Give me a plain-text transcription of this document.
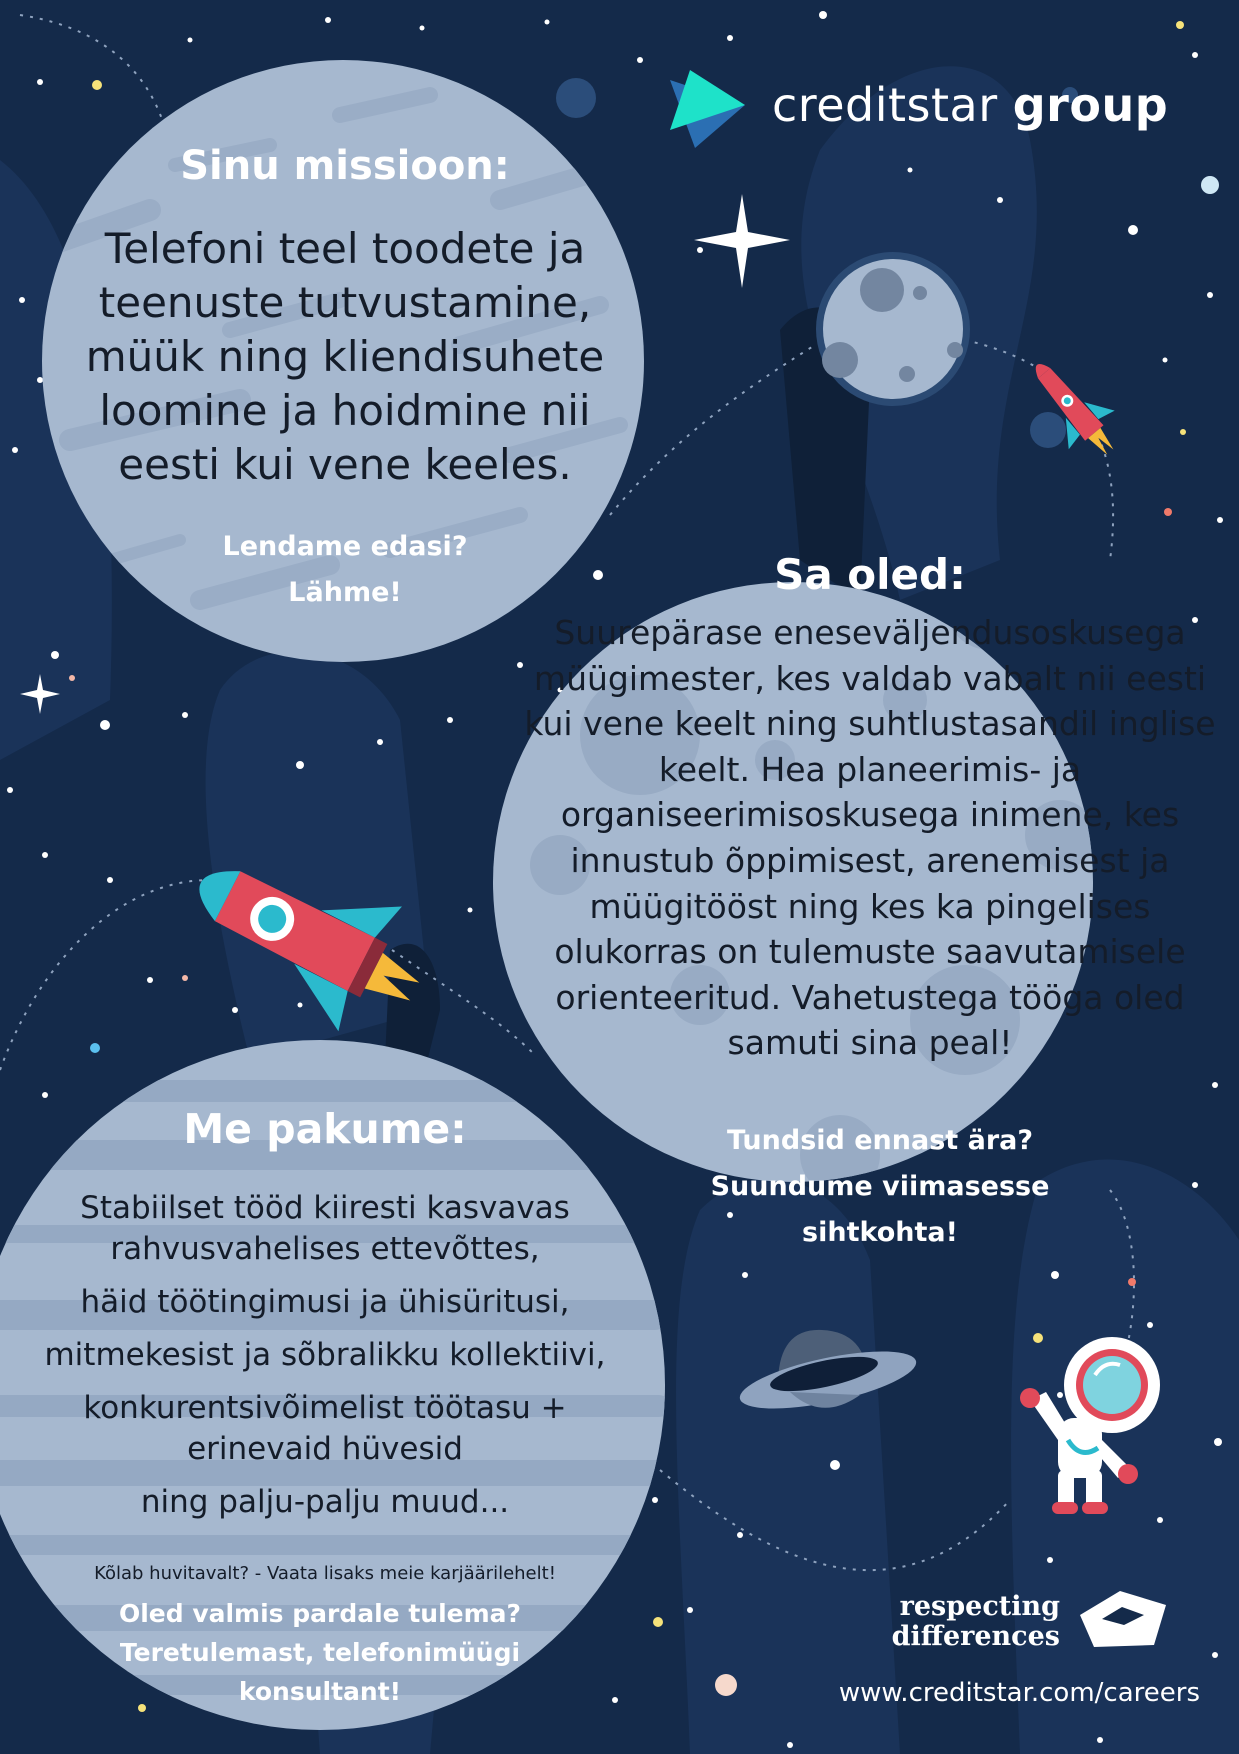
creditstar group
Sinu missioon:
Telefoni teel toodete ja teenuste tutvustamine, müük ning kliendisuhete loomine ja hoidmine nii eesti kui vene keeles.
Lendame edasi?
Lähme!	Sa oled:
Suurepärase eneseväljendusoskusega müügimester, kes valdab vabalt nii eesti kui vene keelt ning suhtlustasandil inglise keelt. Hea planeerimis- ja organiseerimisoskusega inimene, kes innustub õppimisest, arenemisest ja müügitööst ning kes ka pingelises olukorras on tulemuste saavutamisele orienteeritud. Vahetustega tööga oled samuti sina peal!
Tundsid ennast ära?
Suundume viimasesse
sihtkohta!
Me pakume:
Stabiilset tööd kiiresti kasvavas
rahvusvahelises ettevõttes,
häid töötingimusi ja ühisüritusi,
mitmekesist ja sõbralikku kollektiivi,
konkurentsivõimelist töötasu +
erinevaid hüvesid
ning palju-palju muud...
Kõlab huvitavalt? - Vaata lisaks meie karjäärilehelt!
Oled valmis pardale tulema?
Teretulemast, telefonimüügi
konsultant!
respecting
differences
www.creditstar.com/careers
